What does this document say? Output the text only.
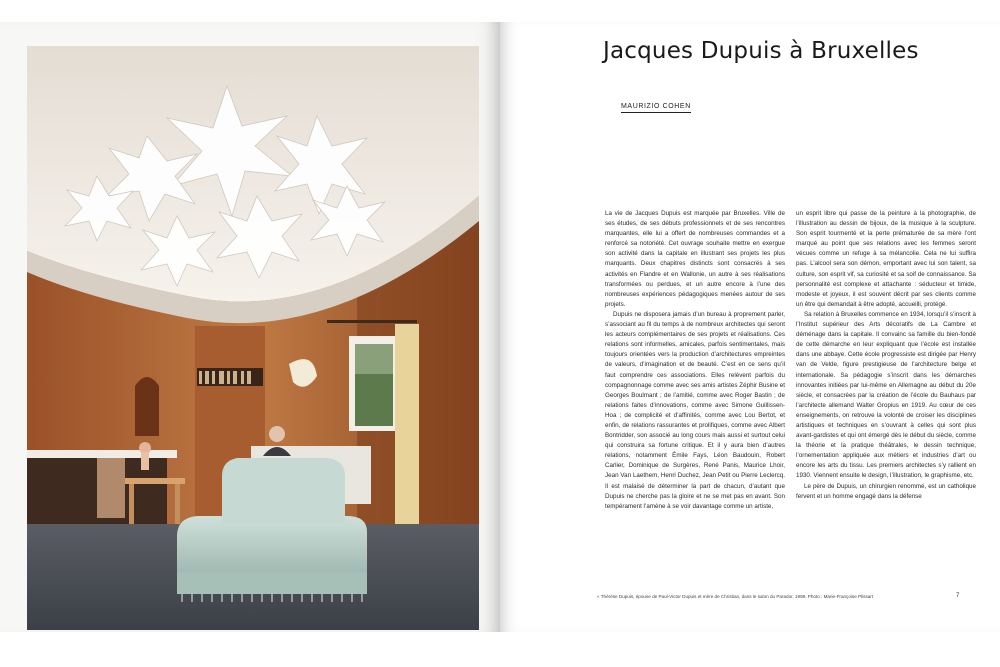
Jacques Dupuis à Bruxelles
MAURIZIO COHEN

La vie de Jacques Dupuis est marquée par Bruxelles. Ville de ses études, de ses débuts professionnels et de ses rencontres marquantes, elle lui a offert de nombreuses commandes et a renforcé sa notoriété. Cet ouvrage souhaite mettre en exergue son activité dans la capitale en illustrant ses projets les plus marquants. Deux chapitres distincts sont consacrés à ses activités en Flandre et en Wallonie, un autre à ses réalisations transformées ou perdues, et un autre encore à l’une des nombreuses expériences pédagogiques menées autour de ses projets.

Dupuis ne disposera jamais d’un bureau à proprement parler, s’associant au fil du temps à de nombreux architectes qui seront les acteurs complémentaires de ses projets et réalisations. Ces relations sont informelles, amicales, parfois sentimentales, mais toujours orientées vers la production d’architectures empreintes de valeurs, d’imagination et de beauté. C’est en ce sens qu’il faut comprendre ces associations. Elles relèvent parfois du compagnonnage comme avec ses amis artistes Zéphir Busine et Georges Boulmant ; de l’amitié, comme avec Roger Bastin ; de relations faites d’innovations, comme avec Simone Guillissen-Hoa ; de complicité et d’affinités, comme avec Lou Bertot, et enfin, de relations rassurantes et prolifiques, comme avec Albert Bontridder, son associé au long cours mais aussi et surtout celui qui construira sa fortune critique. Et il y aura bien d’autres relations, notamment Émile Fays, Léon Baudouin, Robert Carlier, Dominique de Surgères, René Panis, Maurice Lhoir, Jean Van Laethem, Henri Duchez, Jean Petit ou Pierre Leclercq. Il est malaisé de déterminer la part de chacun, d’autant que Dupuis ne cherche pas la gloire et ne se met pas en avant. Son tempérament l’amène à se voir davantage comme un artiste,

un esprit libre qui passe de la peinture à la photographie, de l’illustration au dessin de bijoux, de la musique à la sculpture. Son esprit tourmenté et la perte prématurée de sa mère l’ont marqué au point que ses relations avec les femmes seront vécues comme un refuge à sa mélancolie. Cela ne lui suffira pas. L’alcool sera son démon, emportant avec lui son talent, sa culture, son esprit vif, sa curiosité et sa soif de connaissance. Sa personnalité est complexe et attachante : séducteur et timide, modeste et joyeux, il est souvent décrit par ses clients comme un être qui demandait à être adopté, accueilli, protégé.

Sa relation à Bruxelles commence en 1934, lorsqu’il s’inscrit à l’Institut supérieur des Arts décoratifs de La Cambre et déménage dans la capitale. Il convainc sa famille du bien-fondé de cette démarche en leur expliquant que l’école est installée dans une abbaye. Cette école progressiste est dirigée par Henry van de Velde, figure prestigieuse de l’architecture belge et internationale. Sa pédagogie s’inscrit dans les démarches innovantes initiées par lui-même en Allemagne au début du 20e siècle, et consacrées par la création de l’école du Bauhaus par l’architecte allemand Walter Gropius en 1919. Au cœur de ces enseignements, on retrouve la volonté de croiser les disciplines artistiques et techniques en s’ouvrant à celles qui sont plus avant-gardistes et qui ont émergé dès le début du siècle, comme la théorie et la pratique théâtrales, le dessin technique, l’ornementation appliquée aux métiers et industries d’art ou encore les arts du tissu. Les premiers architectes s’y rallient en 1930. Viennent ensuite le design, l’illustration, le graphisme, etc.

Le père de Dupuis, un chirurgien renommé, est un catholique fervent et un homme engagé dans la défense

« Thérèse Dupuis, épouse de Paul-Victor Dupuis et mère de Christian, dans le salon du Parador, 1998. Photo : Marie-Françoise Plissart	7
